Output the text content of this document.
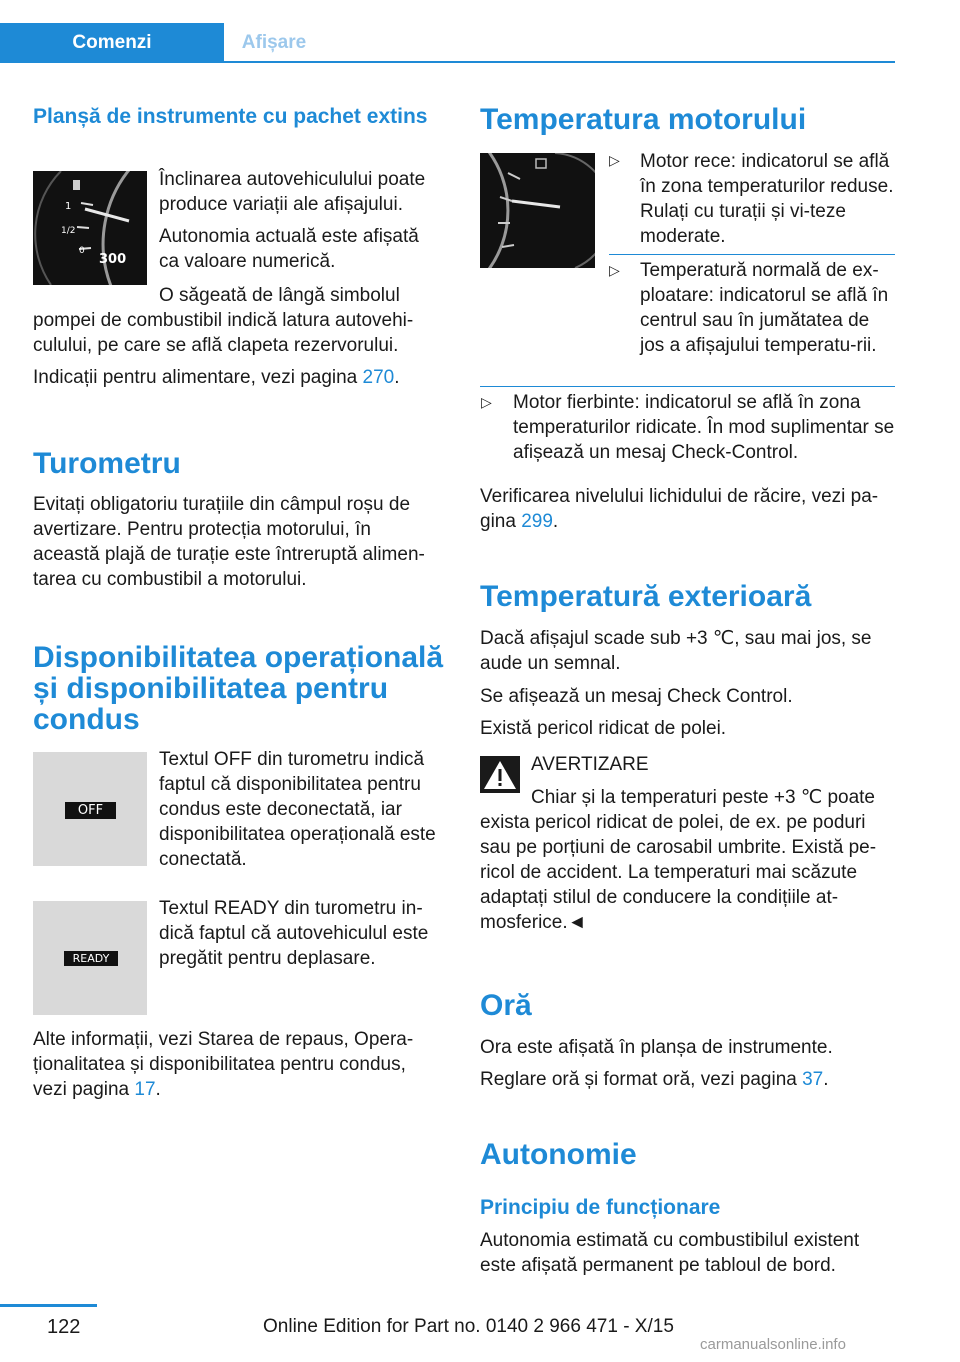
Comenzi	Afișare
Planșă de instrumente cu pachet extins
1
1/2
0
300
Înclinarea autovehiculului poate produce variații ale afișajului.
Autonomia actuală este afișată ca valoare numerică.
O săgeată de lângă simbolul
pompei de combustibil indică latura autovehi-
culului, pe care se află clapeta rezervorului.
Indicații pentru alimentare, vezi pagina 270.
Turometru
Evitați obligatoriu turațiile din câmpul roșu de
avertizare. Pentru protecția motorului, în
această plajă de turație este întreruptă alimen-
tarea cu combustibil a motorului.
Disponibilitatea operațională
și disponibilitatea pentru
condus
OFF
Textul OFF din turometru indică faptul că disponibilitatea pentru condus este deconectată, iar disponibilitatea operațională este conectată.
READY
Textul READY din turometru in-dică faptul că autovehiculul este pregătit pentru deplasare.
Alte informații, vezi Starea de repaus, Opera-
ționalitatea și disponibilitatea pentru condus,
vezi pagina 17.
Temperatura motorului
▷ Motor rece: indicatorul se află în zona temperaturilor reduse. Rulați cu turații și vi-teze moderate.
▷ Temperatură normală de ex-ploatare: indicatorul se află în centrul sau în jumătatea de jos a afișajului temperatu-rii.
▷ Motor fierbinte: indicatorul se află în zona temperaturilor ridicate. În mod suplimentar se afișează un mesaj Check-Control.
Verificarea nivelului lichidului de răcire, vezi pa-
gina 299.
Temperatură exterioară
Dacă afișajul scade sub +3 ℃, sau mai jos, se aude un semnal.
Se afișează un mesaj Check Control.
Există pericol ridicat de polei.
AVERTIZARE
Chiar și la temperaturi peste +3 ℃ poate
exista pericol ridicat de polei, de ex. pe poduri sau pe porțiuni de carosabil umbrite. Există pe-ricol de accident. La temperaturi mai scăzute adaptați stilul de conducere la condițiile at-mosferice.◄
Oră
Ora este afișată în planșa de instrumente.
Reglare oră și format oră, vezi pagina 37.
Autonomie
Principiu de funcționare
Autonomia estimată cu combustibilul existent este afișată permanent pe tabloul de bord.
122	Online Edition for Part no. 0140 2 966 471 - X/15
carmanualsonline.info
